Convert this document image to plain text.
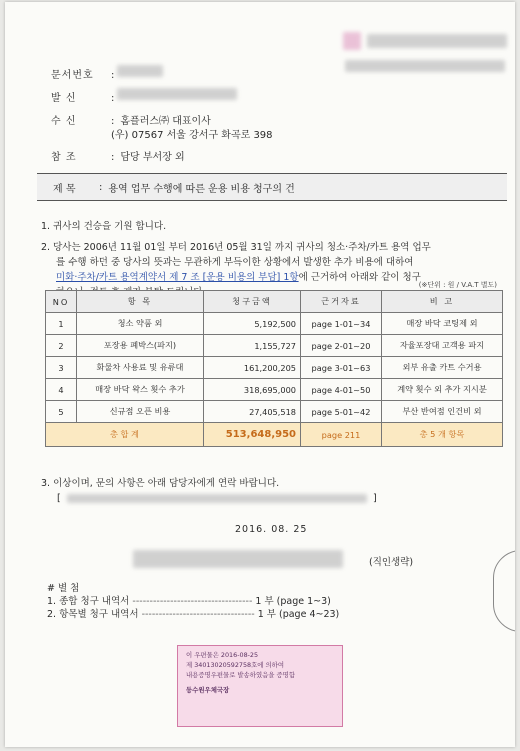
문서번호	:
발 신	:
수 신	: 홈플러스㈜ 대표이사
(우) 07567 서울 강서구 화곡로 398
참 조	: 담당 부서장 외
제 목	: 용역 업무 수행에 따른 운용 비용 청구의 건
1. 귀사의 건승을 기원 합니다.
2. 당사는 2006년 11월 01일 부터 2016년 05월 31일 까지 귀사의 청소·주차/카트 용역 업무
를 수행 하던 중 당사의 뜻과는 무관하게 부득이한 상황에서 발생한 추가 비용에 대하여
미화·주차/카트 용역계약서 제 7 조 [운용 비용의 부담] 1항에 근거하여 아래와 같이 청구
(※단위 : 원 / V.A.T 별도)
NO	항 목	청구금액	근거자료	비 고
1	청소 약품 외	5,192,500	page 1-01~34	매장 바닥 코팅제 외
2	포장용 폐박스(파지)	1,155,727	page 2-01~20	자율포장대 고객용 파지
3	화물차 사용료 및 유류대	161,200,205	page 3-01~63	외부 유출 카트 수거용
4	매장 바닥 왁스 횟수 추가	318,695,000	page 4-01~50	계약 횟수 외 추가 지시분
5	신규점 오픈 비용	27,405,518	page 5-01~42	부산 반여점 인건비 외
총 합 계		513,648,950	page 211	총 5 개 항목
3. 이상이며, 문의 사항은 아래 담당자에게 연락 바랍니다.
[	]
2016. 08. 25
(직인생략)
# 별 첨
1. 종합 청구 내역서 ----------------------------------- 1 부 (page 1~3)
2. 항목별 청구 내역서 --------------------------------- 1 부 (page 4~23)
이 우편물은 2016-08-25
제 34013020592758호에 의하여
내용증명우편물로 발송하였음을 증명함
등수원우체국장
